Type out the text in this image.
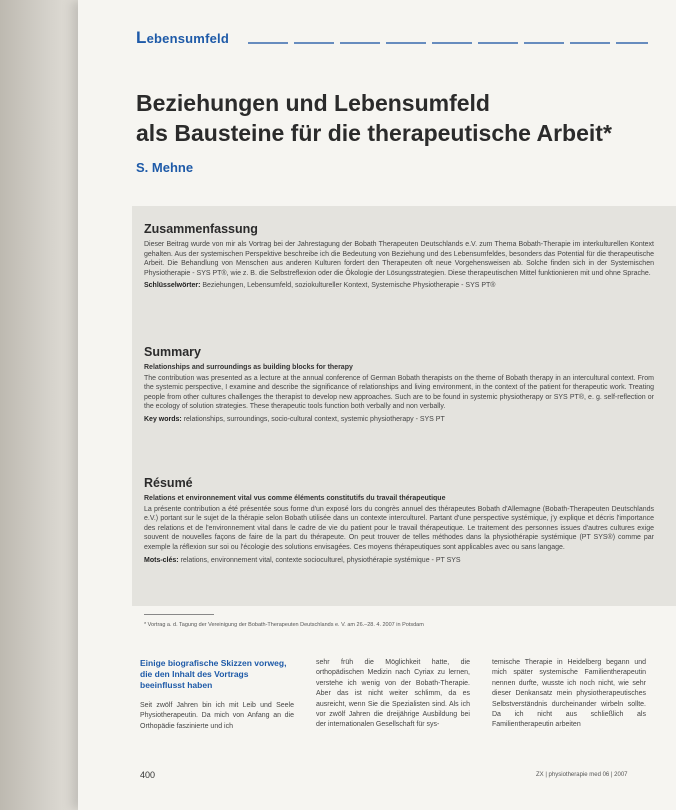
Lebensumfeld
Beziehungen und Lebensumfeld
als Bausteine für die therapeutische Arbeit*
S. Mehne
Zusammenfassung

Dieser Beitrag wurde von mir als Vortrag bei der Jahrestagung der Bobath Therapeuten Deutschlands e.V. zum Thema Bobath-Therapie im interkulturellen Kontext gehalten. Aus der systemischen Perspektive beschreibe ich die Bedeutung von Beziehung und des Lebensumfeldes, besonders das Potential für die therapeutische Arbeit. Die Behandlung von Menschen aus anderen Kulturen fordert den Therapeuten oft neue Vorgehensweisen ab. Solche finden sich in der Systemischen Physiotherapie - SYS PT®, wie z. B. die Selbstreflexion oder die Ökologie der Lösungsstrategien. Diese therapeutischen Mittel funktionieren mit und ohne Sprache.

Schlüsselwörter: Beziehungen, Lebensumfeld, soziokultureller Kontext, Systemische Physiotherapie - SYS PT®

Summary

Relationships and surroundings as building blocks for therapy

The contribution was presented as a lecture at the annual conference of German Bobath therapists on the theme of Bobath therapy in an intercultural context. From the systemic perspective, I examine and describe the significance of relationships and living environment, in the context of the patient for therapeutic work. Treating people from other cultures challenges the therapist to develop new approaches. Such are to be found in systemic physiotherapy or SYS PT®, e. g. self-reflection or the ecology of solution strategies. These therapeutic tools function both verbally and non verbally.

Key words: relationships, surroundings, socio-cultural context, systemic physiotherapy - SYS PT

Résumé

Relations et environnement vital vus comme éléments constitutifs du travail thérapeutique

La présente contribution a été présentée sous forme d'un exposé lors du congrès annuel des thérapeutes Bobath d'Allemagne (Bobath-Therapeuten Deutschlands e.V.) portant sur le sujet de la thérapie selon Bobath utilisée dans un contexte interculturel. Partant d'une perspective systémique, j'y explique et décris l'importance des relations et de l'environnement vital dans le cadre de vie du patient pour le travail thérapeutique. Le traitement des personnes issues d'autres cultures exige souvent de nouvelles façons de faire de la part du thérapeute. On peut trouver de telles méthodes dans la physiothérapie systémique (PT SYS®) comme par exemple la réflexion sur soi ou l'écologie des solutions envisagées. Ces moyens thérapeutiques sont applicables avec ou sans langage.

Mots-clés: relations, environnement vital, contexte socioculturel, physiothérapie systémique - PT SYS

* Vortrag a. d. Tagung der Vereinigung der Bobath-Therapeuten Deutschlands e. V. am 26.–28. 4. 2007 in Potsdam
Einige biografische Skizzen vorweg, die den Inhalt des Vortrags beeinflusst haben

Seit zwölf Jahren bin ich mit Leib und Seele Physiotherapeutin. Da mich von Anfang an die Orthopädie faszinierte und ich

sehr früh die Möglichkeit hatte, die orthopädischen Medizin nach Cyriax zu lernen, verstehe ich wenig von der Bobath-Therapie. Aber das ist nicht weiter schlimm, da es ausreicht, wenn Sie die Spezialisten sind. Als ich vor zwölf Jahren die dreijährige Ausbildung bei der internationalen Gesellschaft für sys-

temische Therapie in Heidelberg begann und mich später systemische Familientherapeutin nennen durfte, wusste ich noch nicht, wie sehr dieser Denkansatz mein physiotherapeutisches Selbstverständnis durcheinander wirbeln sollte. Da ich nicht aus schließlich als Familientherapeutin arbeiten

400	ZX | physiotherapie med 06 | 2007
